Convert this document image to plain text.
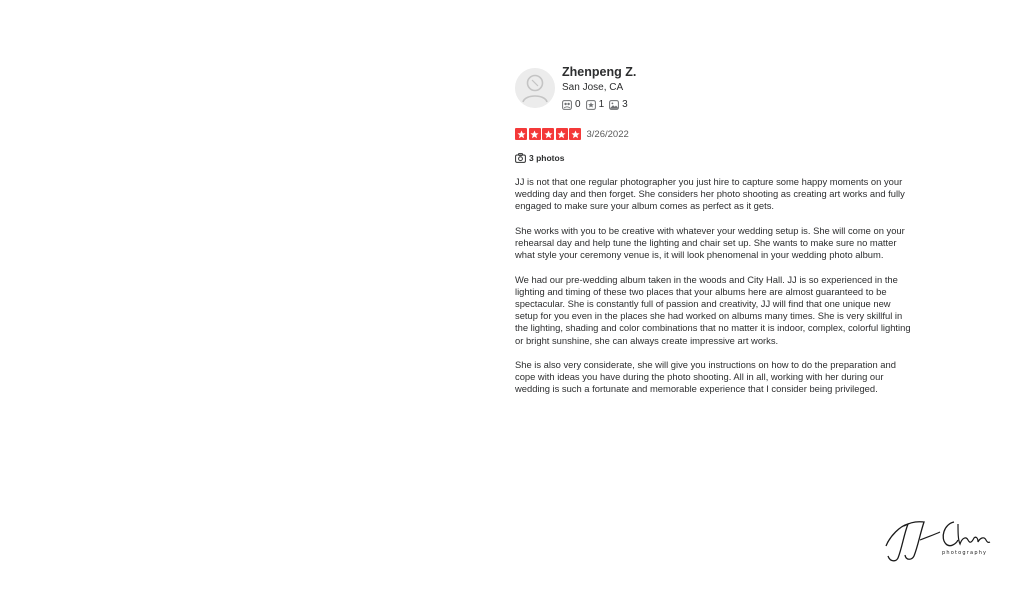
Zhenpeng Z.
San Jose, CA
0 1 3
3/26/2022
3 photos

JJ is not that one regular photographer you just hire to capture some happy moments on your wedding day and then forget. She considers her photo shooting as creating art works and fully engaged to make sure your album comes as perfect as it gets.

She works with you to be creative with whatever your wedding setup is. She will come on your rehearsal day and help tune the lighting and chair set up. She wants to make sure no matter what style your ceremony venue is, it will look phenomenal in your wedding photo album.

We had our pre-wedding album taken in the woods and City Hall. JJ is so experienced in the lighting and timing of these two places that your albums here are almost guaranteed to be spectacular. She is constantly full of passion and creativity, JJ will find that one unique new setup for you even in the places she had worked on albums many times. She is very skillful in the lighting, shading and color combinations that no matter it is indoor, complex, colorful lighting or bright sunshine, she can always create impressive art works.

She is also very considerate, she will give you instructions on how to do the preparation and cope with ideas you have during the photo shooting. All in all, working with her during our wedding is such a fortunate and memorable experience that I consider being privileged.

photography
